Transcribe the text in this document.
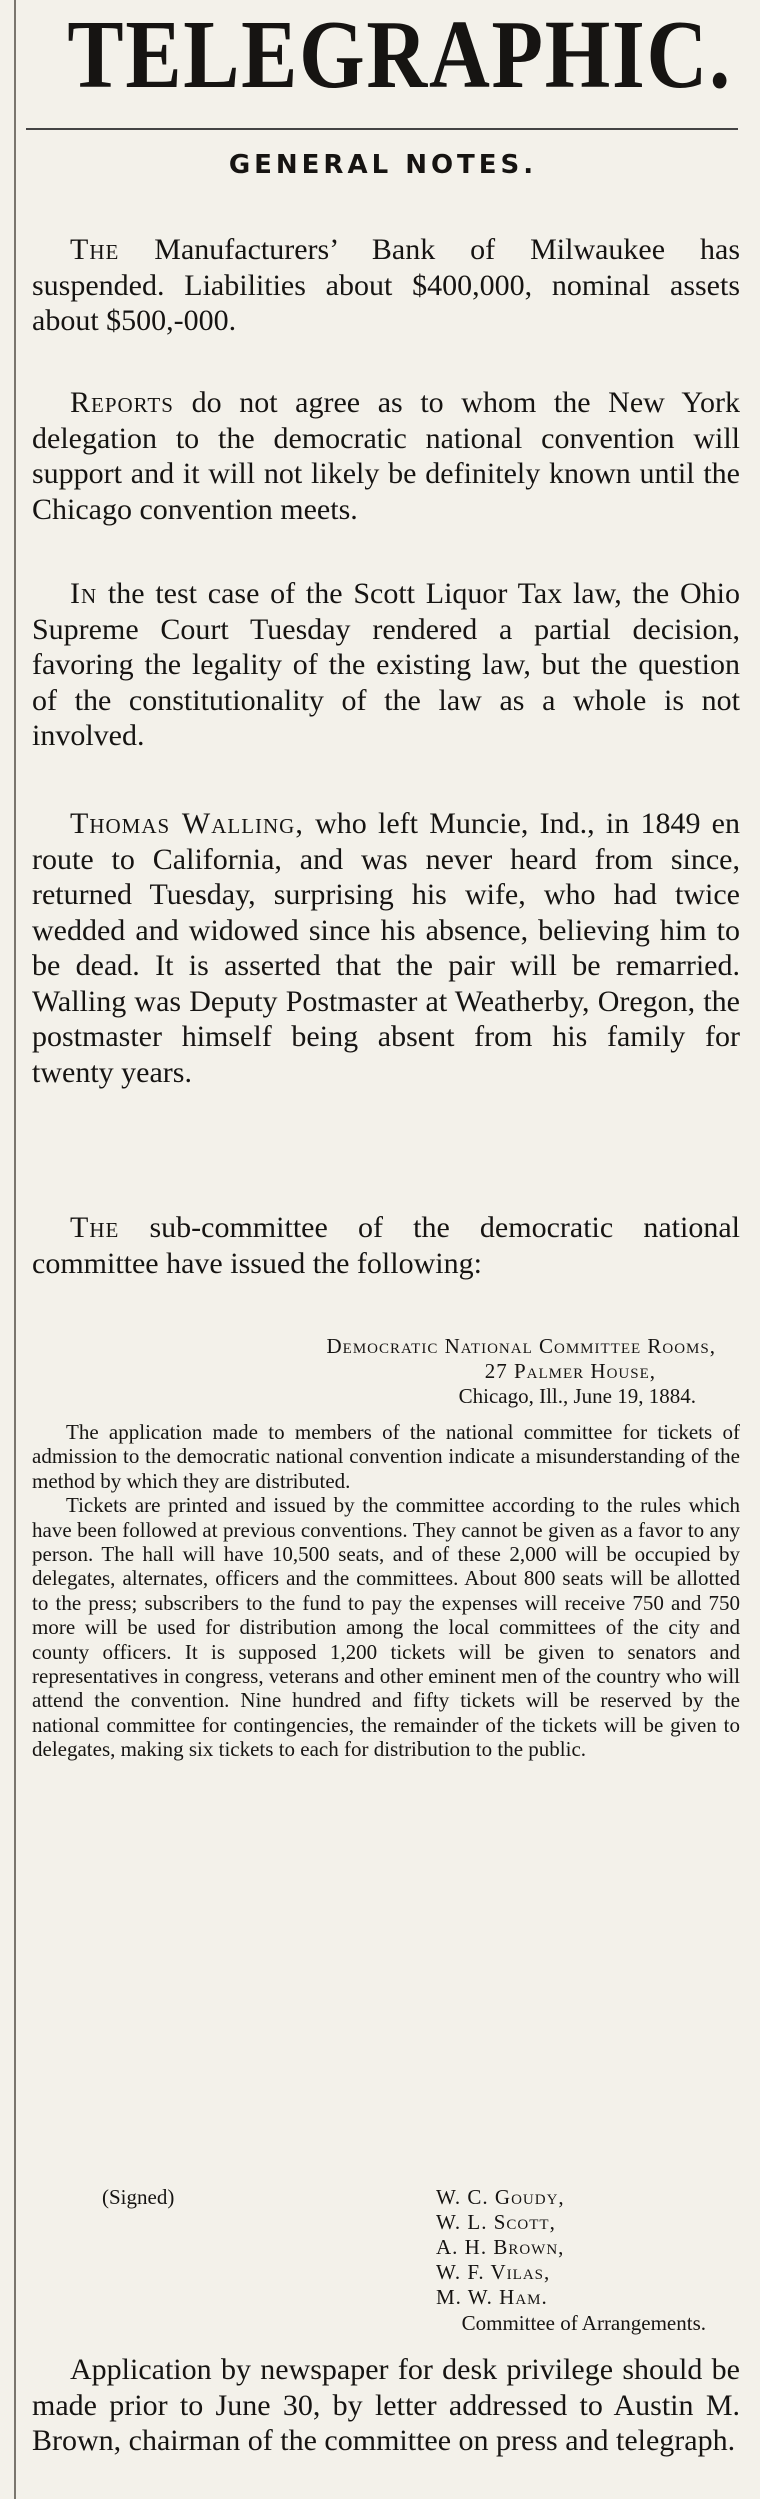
TELEGRAPHIC.
GENERAL NOTES.
The Manufacturers’ Bank of Milwaukee has suspended. Liabilities about $400,000, nominal assets about $500,-000.
Reports do not agree as to whom the New York delegation to the democratic national convention will support and it will not likely be definitely known until the Chicago convention meets.
In the test case of the Scott Liquor Tax law, the Ohio Supreme Court Tuesday rendered a partial decision, favoring the legality of the existing law, but the question of the constitutionality of the law as a whole is not involved.
Thomas Walling, who left Muncie, Ind., in 1849 en route to California, and was never heard from since, returned Tuesday, surprising his wife, who had twice wedded and widowed since his absence, believing him to be dead. It is asserted that the pair will be remarried. Walling was Deputy Postmaster at Weatherby, Oregon, the postmaster himself being absent from his family for twenty years.
The sub-committee of the democratic national committee have issued the following:
Democratic National Committee Rooms,
27 Palmer House,
Chicago, Ill., June 19, 1884.

The application made to members of the national committee for tickets of admission to the democratic national convention indicate a misunderstanding of the method by which they are distributed.

Tickets are printed and issued by the committee according to the rules which have been followed at previous conventions. They cannot be given as a favor to any person. The hall will have 10,500 seats, and of these 2,000 will be occupied by delegates, alternates, officers and the committees. About 800 seats will be allotted to the press; subscribers to the fund to pay the expenses will receive 750 and 750 more will be used for distribution among the local committees of the city and county officers. It is supposed 1,200 tickets will be given to senators and representatives in congress, veterans and other eminent men of the country who will attend the convention. Nine hundred and fifty tickets will be reserved by the national committee for contingencies, the remainder of the tickets will be given to delegates, making six tickets to each for distribution to the public.

(Signed)	W. C. Goudy,
W. L. Scott,
A. H. Brown,
W. F. Vilas,
M. W. Ham.
Committee of Arrangements.
Application by newspaper for desk privilege should be made prior to June 30, by letter addressed to Austin M. Brown, chairman of the committee on press and telegraph.
